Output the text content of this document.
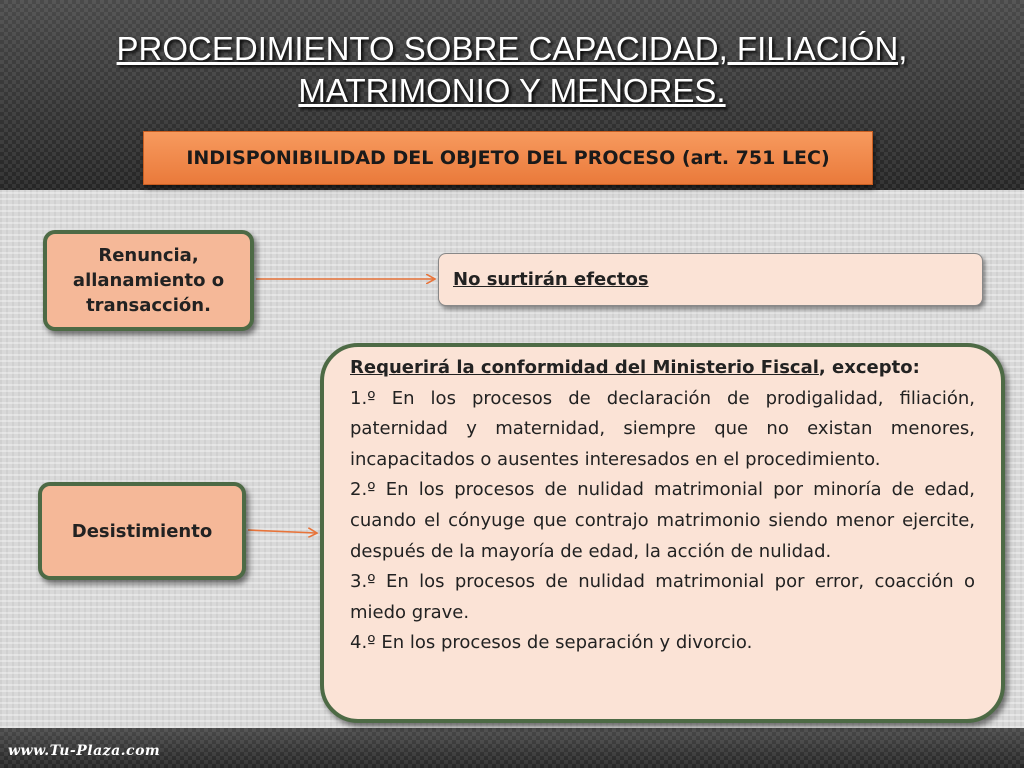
PROCEDIMIENTO SOBRE CAPACIDAD, FILIACIÓN,
MATRIMONIO Y MENORES.
INDISPONIBILIDAD DEL OBJETO DEL PROCESO (art. 751 LEC)
Renuncia, allanamiento o transacción.
No surtirán efectos
Desistimiento

Requerirá la conformidad del Ministerio Fiscal, excepto:

1.º En los procesos de declaración de prodigalidad, filiación, paternidad y maternidad, siempre que no existan menores, incapacitados o ausentes interesados en el procedimiento.

2.º En los procesos de nulidad matrimonial por minoría de edad, cuando el cónyuge que contrajo matrimonio siendo menor ejercite, después de la mayoría de edad, la acción de nulidad.

3.º En los procesos de nulidad matrimonial por error, coacción o miedo grave.

4.º En los procesos de separación y divorcio.

www.Tu-Plaza.com
